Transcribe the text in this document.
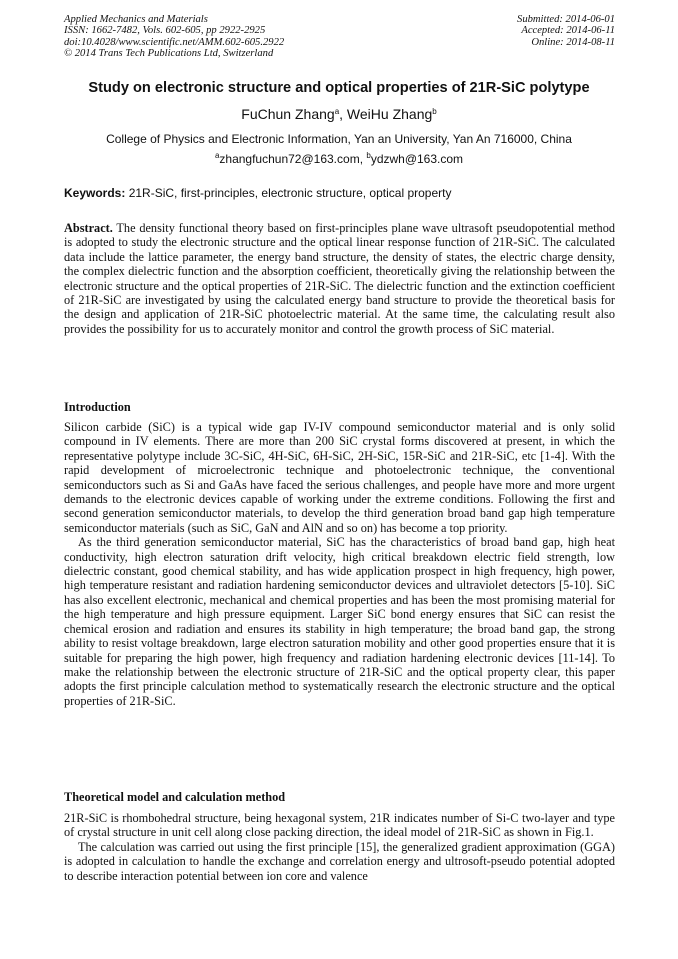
Applied Mechanics and Materials
ISSN: 1662-7482, Vols. 602-605, pp 2922-2925
doi:10.4028/www.scientific.net/AMM.602-605.2922
© 2014 Trans Tech Publications Ltd, Switzerland
Submitted: 2014-06-01
Accepted: 2014-06-11
Online: 2014-08-11
Study on electronic structure and optical properties of 21R-SiC polytype
FuChun Zhang$^a$, WeiHu Zhang$^b$
College of Physics and Electronic Information, Yan an University, Yan An 716000, China
$^a$zhangfuchun72@163.com, $^b$ydzwh@163.com
Keywords: 21R-SiC, first-principles, electronic structure, optical property

Abstract. The density functional theory based on first-principles plane wave ultrasoft pseudopotential method is adopted to study the electronic structure and the optical linear response function of 21R-SiC. The calculated data include the lattice parameter, the energy band structure, the density of states, the electric charge density, the complex dielectric function and the absorption coefficient, theoretically giving the relationship between the electronic structure and the optical properties of 21R-SiC. The dielectric function and the extinction coefficient of 21R-SiC are investigated by using the calculated energy band structure to provide the theoretical basis for the design and application of 21R-SiC photoelectric material. At the same time, the calculating result also provides the possibility for us to accurately monitor and control the growth process of SiC material.

Introduction

Silicon carbide (SiC) is a typical wide gap IV-IV compound semiconductor material and is only solid compound in IV elements. There are more than 200 SiC crystal forms discovered at present, in which the representative polytype include 3C-SiC, 4H-SiC, 6H-SiC, 2H-SiC, 15R-SiC and 21R-SiC, etc [1-4]. With the rapid development of microelectronic technique and photoelectronic technique, the conventional semiconductors such as Si and GaAs have faced the serious challenges, and people have more and more urgent demands to the electronic devices capable of working under the extreme conditions. Following the first and second generation semiconductor materials, to develop the third generation broad band gap high temperature semiconductor materials (such as SiC, GaN and AlN and so on) has become a top priority.

As the third generation semiconductor material, SiC has the characteristics of broad band gap, high heat conductivity, high electron saturation drift velocity, high critical breakdown electric field strength, low dielectric constant, good chemical stability, and has wide application prospect in high frequency, high power, high temperature resistant and radiation hardening semiconductor devices and ultraviolet detectors [5-10]. SiC has also excellent electronic, mechanical and chemical properties and has been the most promising material for the high temperature and high pressure equipment. Larger SiC bond energy ensures that SiC can resist the chemical erosion and radiation and ensures its stability in high temperature; the broad band gap, the strong ability to resist voltage breakdown, large electron saturation mobility and other good properties ensure that it is suitable for preparing the high power, high frequency and radiation hardening electronic devices [11-14]. To make the relationship between the electronic structure of 21R-SiC and the optical property clear, this paper adopts the first principle calculation method to systematically research the electronic structure and the optical properties of 21R-SiC.

Theoretical model and calculation method

21R-SiC is rhombohedral structure, being hexagonal system, 21R indicates number of Si-C two-layer and type of crystal structure in unit cell along close packing direction, the ideal model of 21R-SiC as shown in Fig.1.

The calculation was carried out using the first principle [15], the generalized gradient approximation (GGA) is adopted in calculation to handle the exchange and correlation energy and ultrosoft-pseudo potential adopted to describe interaction potential between ion core and valence
